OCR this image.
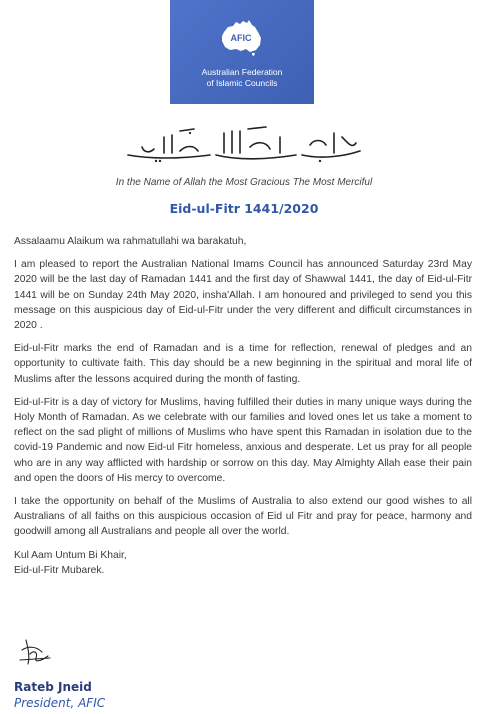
AFIC
Australian Federation
of Islamic Councils
In the Name of Allah the Most Gracious The Most Merciful
Eid-ul-Fitr 1441/2020

Assalaamu Alaikum wa rahmatullahi wa barakatuh,

I am pleased to report the Australian National Imams Council has announced Saturday 23rd May 2020 will be the last day of Ramadan 1441 and the first day of Shawwal 1441, the day of Eid-ul-Fitr 1441 will be on Sunday 24th May 2020, insha'Allah. I am honoured and privileged to send you this message on this auspicious day of Eid-ul-Fitr under the very different and difficult circumstances in 2020 .

Eid-ul-Fitr marks the end of Ramadan and is a time for reflection, renewal of pledges and an opportunity to cultivate faith. This day should be a new beginning in the spiritual and moral life of Muslims after the lessons acquired during the month of fasting.

Eid-ul-Fitr is a day of victory for Muslims, having fulfilled their duties in many unique ways during the Holy Month of Ramadan. As we celebrate with our families and loved ones let us take a moment to reflect on the sad plight of millions of Muslims who have spent this Ramadan in isolation due to the covid-19 Pandemic and now Eid-ul Fitr homeless, anxious and desperate. Let us pray for all people who are in any way afflicted with hardship or sorrow on this day. May Almighty Allah ease their pain and open the doors of His mercy to overcome.

I take the opportunity on behalf of the Muslims of Australia to also extend our good wishes to all Australians of all faiths on this auspicious occasion of Eid ul Fitr and pray for peace, harmony and goodwill among all Australians and people all over the world.

Kul Aam Untum Bi Khair,

Eid-ul-Fitr Mubarek.

Rateb Jneid
President, AFIC
